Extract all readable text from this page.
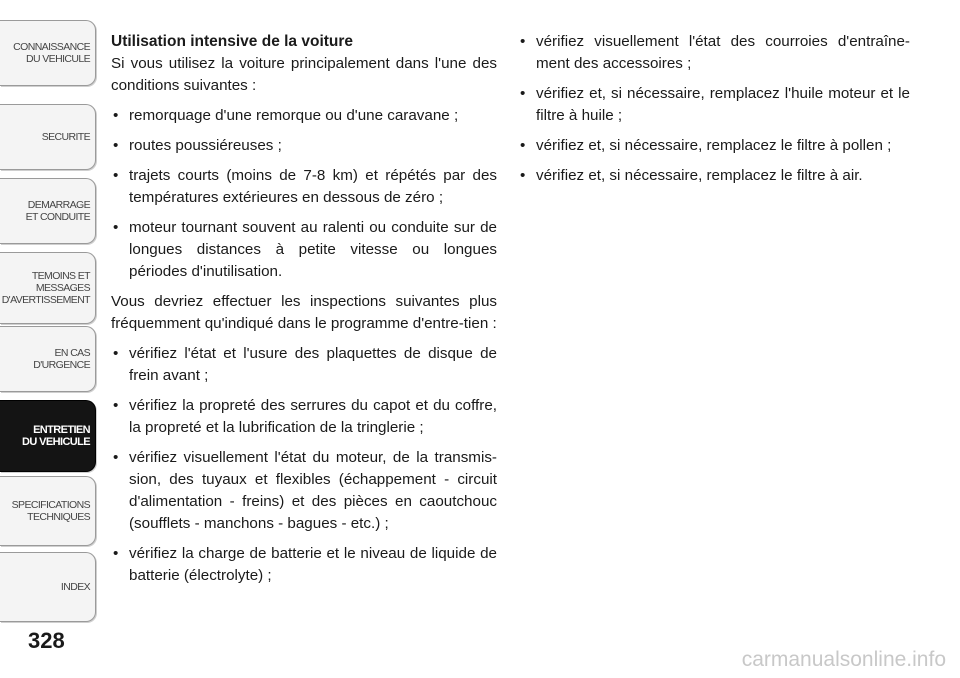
CONNAISSANCE
DU VEHICULE
SECURITE
DEMARRAGE
ET CONDUITE
TEMOINS ET
MESSAGES
D'AVERTISSEMENT
EN CAS
D'URGENCE
ENTRETIEN
DU VEHICULE
SPECIFICATIONS
TECHNIQUES
INDEX
328

Utilisation intensive de la voiture

Si vous utilisez la voiture principalement dans l'une des conditions suivantes :

• remorquage d'une remorque ou d'une caravane ;
• routes poussiéreuses ;
• trajets courts (moins de 7-8 km) et répétés par des températures extérieures en dessous de zéro ;
• moteur tournant souvent au ralenti ou conduite sur de longues distances à petite vitesse ou longues périodes d'inutilisation.

Vous devriez effectuer les inspections suivantes plus fréquemment qu'indiqué dans le programme d'entre-tien :

• vérifiez l'état et l'usure des plaquettes de disque de frein avant ;
• vérifiez la propreté des serrures du capot et du coffre, la propreté et la lubrification de la tringlerie ;
• vérifiez visuellement l'état du moteur, de la transmis-sion, des tuyaux et flexibles (échappement - circuit d'alimentation - freins) et des pièces en caoutchouc (soufflets - manchons - bagues - etc.) ;
• vérifiez la charge de batterie et le niveau de liquide de batterie (électrolyte) ;
• vérifiez visuellement l'état des courroies d'entraîne-ment des accessoires ;
• vérifiez et, si nécessaire, remplacez l'huile moteur et le filtre à huile ;
• vérifiez et, si nécessaire, remplacez le filtre à pollen ;
• vérifiez et, si nécessaire, remplacez le filtre à air.
carmanualsonline.info
